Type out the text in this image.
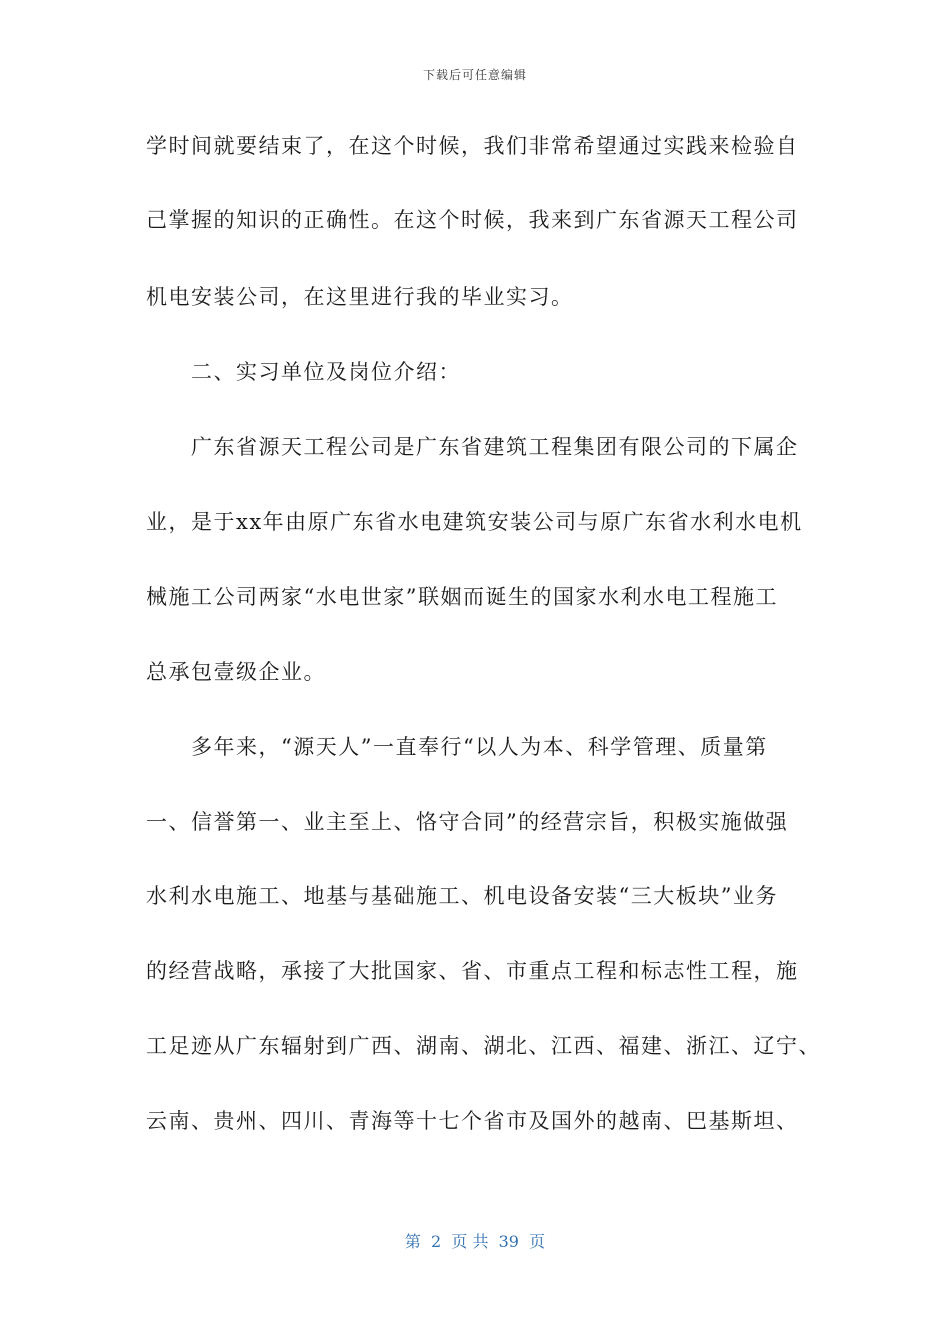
下载后可任意编辑
学时间就要结束了，在这个时候，我们非常希望通过实践来检验自
己掌握的知识的正确性。在这个时候，我来到广东省源天工程公司
机电安装公司，在这里进行我的毕业实习。
　　二、实习单位及岗位介绍：
　　广东省源天工程公司是广东省建筑工程集团有限公司的下属企
业，是于xx年由原广东省水电建筑安装公司与原广东省水利水电机
械施工公司两家“水电世家”联姻而诞生的国家水利水电工程施工
总承包壹级企业。
　　多年来，“源天人”一直奉行“以人为本、科学管理、质量第
一、信誉第一、业主至上、恪守合同”的经营宗旨，积极实施做强
水利水电施工、地基与基础施工、机电设备安装“三大板块”业务
的经营战略，承接了大批国家、省、市重点工程和标志性工程，施
工足迹从广东辐射到广西、湖南、湖北、江西、福建、浙江、辽宁、
云南、贵州、四川、青海等十七个省市及国外的越南、巴基斯坦、
第  2  页 共  39  页
